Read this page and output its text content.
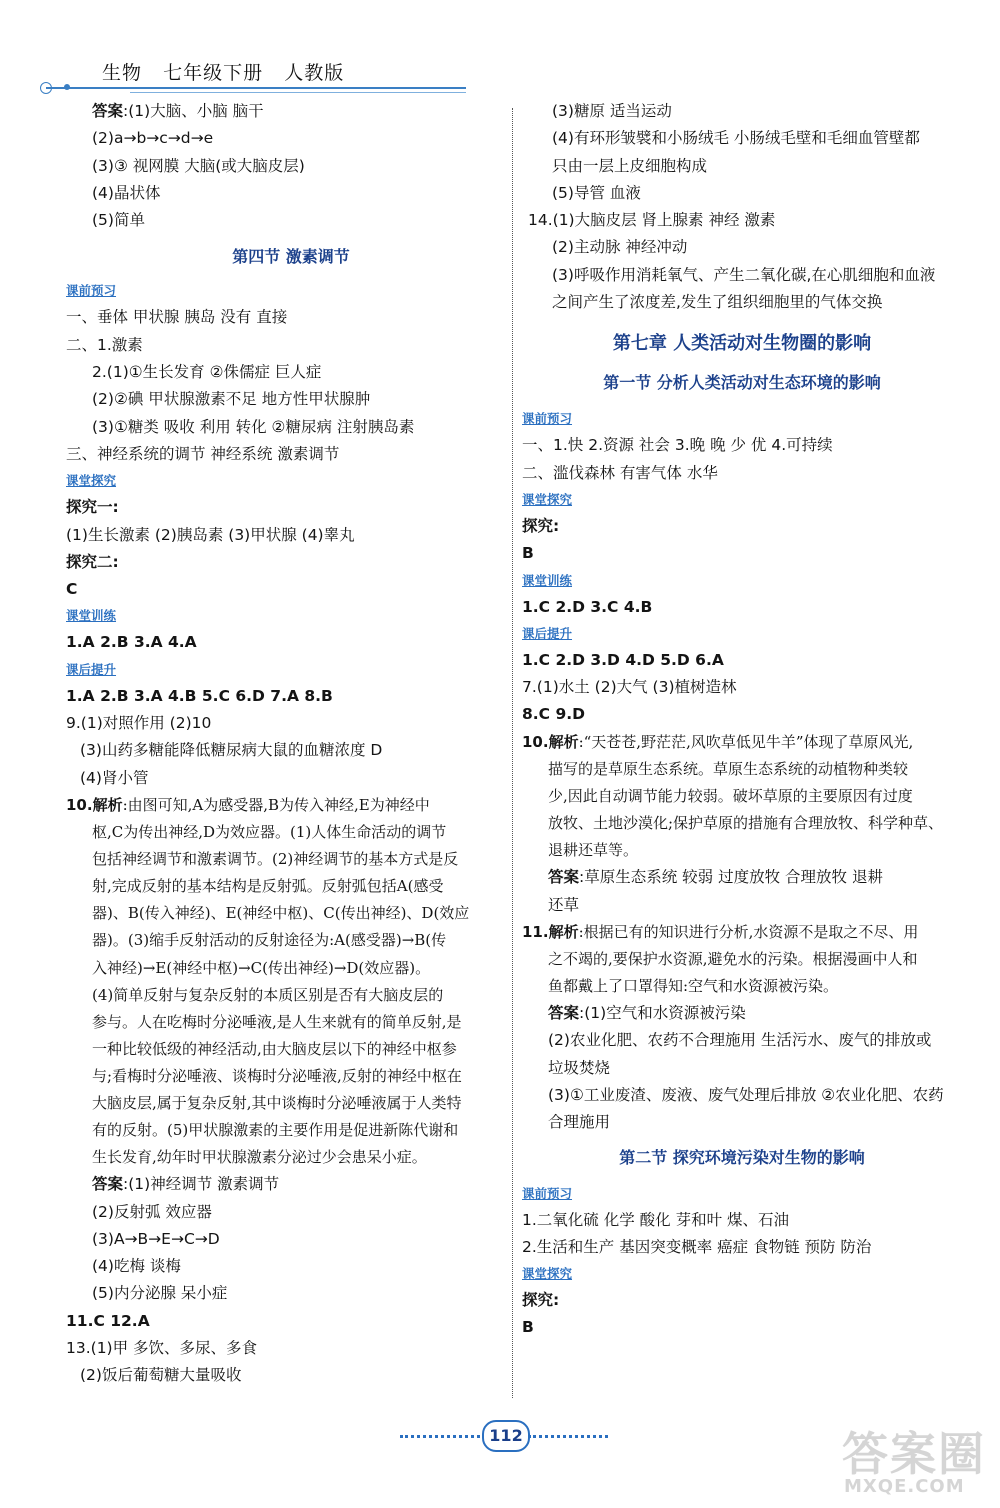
生物   七年级下册   人教版
答案:(1)大脑、小脑 脑干
(2)a→b→c→d→e
(3)③ 视网膜 大脑(或大脑皮层)
(4)晶状体
(5)简单
第四节 激素调节
课前预习
一、垂体 甲状腺 胰岛 没有 直接
二、1.激素
2.(1)①生长发育 ②侏儒症 巨人症
(2)②碘 甲状腺激素不足 地方性甲状腺肿
(3)①糖类 吸收 利用 转化 ②糖尿病 注射胰岛素
三、神经系统的调节 神经系统 激素调节
课堂探究
探究一:
(1)生长激素 (2)胰岛素 (3)甲状腺 (4)睾丸
探究二:
C
课堂训练
1.A 2.B 3.A 4.A
课后提升
1.A 2.B 3.A 4.B 5.C 6.D 7.A 8.B
9.(1)对照作用 (2)10
(3)山药多糖能降低糖尿病大鼠的血糖浓度 D
(4)肾小管
10.解析:由图可知,A为感受器,B为传入神经,E为神经中
枢,C为传出神经,D为效应器。(1)人体生命活动的调节
包括神经调节和激素调节。(2)神经调节的基本方式是反
射,完成反射的基本结构是反射弧。反射弧包括A(感受
器)、B(传入神经)、E(神经中枢)、C(传出神经)、D(效应
器)。(3)缩手反射活动的反射途径为:A(感受器)→B(传
入神经)→E(神经中枢)→C(传出神经)→D(效应器)。
(4)简单反射与复杂反射的本质区别是否有大脑皮层的
参与。人在吃梅时分泌唾液,是人生来就有的简单反射,是
一种比较低级的神经活动,由大脑皮层以下的神经中枢参
与;看梅时分泌唾液、谈梅时分泌唾液,反射的神经中枢在
大脑皮层,属于复杂反射,其中谈梅时分泌唾液属于人类特
有的反射。(5)甲状腺激素的主要作用是促进新陈代谢和
生长发育,幼年时甲状腺激素分泌过少会患呆小症。
答案:(1)神经调节 激素调节
(2)反射弧 效应器
(3)A→B→E→C→D
(4)吃梅 谈梅
(5)内分泌腺 呆小症
11.C 12.A
13.(1)甲 多饮、多尿、多食
(2)饭后葡萄糖大量吸收
(3)糖原 适当运动
(4)有环形皱襞和小肠绒毛 小肠绒毛壁和毛细血管壁都
只由一层上皮细胞构成
(5)导管 血液
14.(1)大脑皮层 肾上腺素 神经 激素
(2)主动脉 神经冲动
(3)呼吸作用消耗氧气、产生二氧化碳,在心肌细胞和血液
之间产生了浓度差,发生了组织细胞里的气体交换
第七章 人类活动对生物圈的影响
第一节 分析人类活动对生态环境的影响
课前预习
一、1.快 2.资源 社会 3.晚 晚 少 优 4.可持续
二、滥伐森林 有害气体 水华
课堂探究
探究:
B
课堂训练
1.C 2.D 3.C 4.B
课后提升
1.C 2.D 3.D 4.D 5.D 6.A
7.(1)水土 (2)大气 (3)植树造林
8.C 9.D
10.解析:“天苍苍,野茫茫,风吹草低见牛羊”体现了草原风光,
描写的是草原生态系统。草原生态系统的动植物种类较
少,因此自动调节能力较弱。破坏草原的主要原因有过度
放牧、土地沙漠化;保护草原的措施有合理放牧、科学种草、
退耕还草等。
答案:草原生态系统 较弱 过度放牧 合理放牧 退耕
还草
11.解析:根据已有的知识进行分析,水资源不是取之不尽、用
之不竭的,要保护水资源,避免水的污染。根据漫画中人和
鱼都戴上了口罩得知:空气和水资源被污染。
答案:(1)空气和水资源被污染
(2)农业化肥、农药不合理施用 生活污水、废气的排放或
垃圾焚烧
(3)①工业废渣、废液、废气处理后排放 ②农业化肥、农药
合理施用
第二节 探究环境污染对生物的影响
课前预习
1.二氧化硫 化学 酸化 芽和叶 煤、石油
2.生活和生产 基因突变概率 癌症 食物链 预防 防治
课堂探究
探究:
B
112	答案圈
MXQE.COM
